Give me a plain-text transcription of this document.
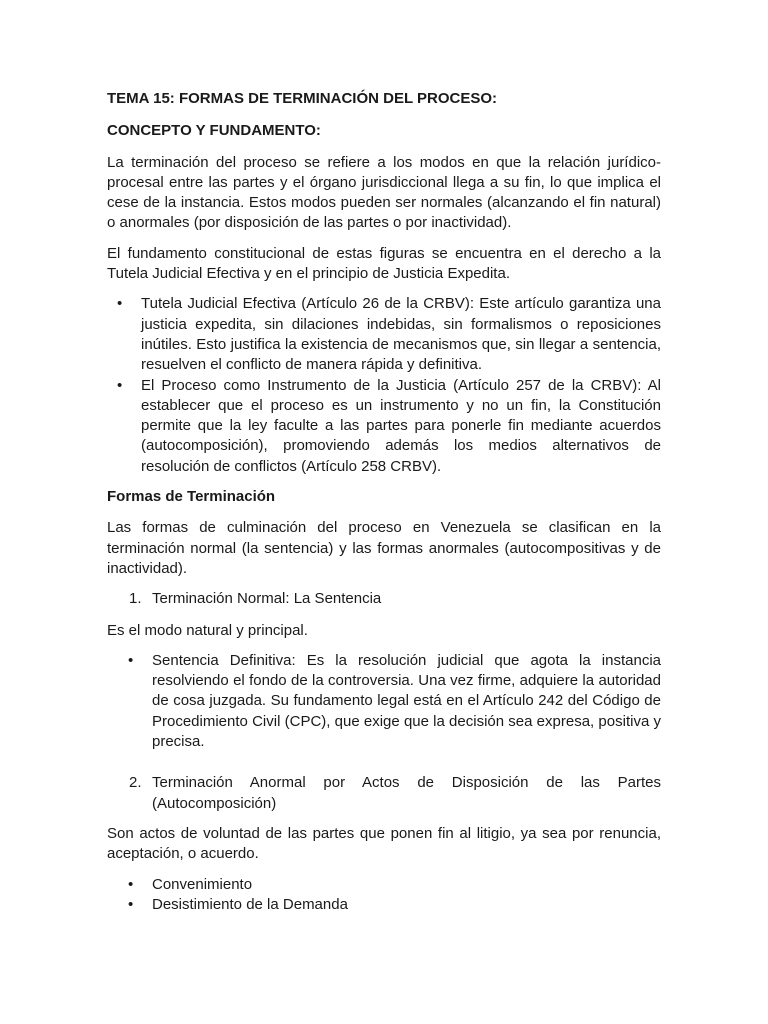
TEMA 15: FORMAS DE TERMINACIÓN DEL PROCESO:
CONCEPTO Y FUNDAMENTO:

La terminación del proceso se refiere a los modos en que la relación jurídico-procesal entre las partes y el órgano jurisdiccional llega a su fin, lo que implica el cese de la instancia. Estos modos pueden ser normales (alcanzando el fin natural) o anormales (por disposición de las partes o por inactividad).

El fundamento constitucional de estas figuras se encuentra en el derecho a la Tutela Judicial Efectiva y en el principio de Justicia Expedita.

• Tutela Judicial Efectiva (Artículo 26 de la CRBV): Este artículo garantiza una justicia expedita, sin dilaciones indebidas, sin formalismos o reposiciones inútiles. Esto justifica la existencia de mecanismos que, sin llegar a sentencia, resuelven el conflicto de manera rápida y definitiva.
• El Proceso como Instrumento de la Justicia (Artículo 257 de la CRBV): Al establecer que el proceso es un instrumento y no un fin, la Constitución permite que la ley faculte a las partes para ponerle fin mediante acuerdos (autocomposición), promoviendo además los medios alternativos de resolución de conflictos (Artículo 258 CRBV).
Formas de Terminación

Las formas de culminación del proceso en Venezuela se clasifican en la terminación normal (la sentencia) y las formas anormales (autocompositivas y de inactividad).

1. Terminación Normal: La Sentencia

Es el modo natural y principal.

• Sentencia Definitiva: Es la resolución judicial que agota la instancia resolviendo el fondo de la controversia. Una vez firme, adquiere la autoridad de cosa juzgada. Su fundamento legal está en el Artículo 242 del Código de Procedimiento Civil (CPC), que exige que la decisión sea expresa, positiva y precisa.
2. Terminación Anormal por Actos de Disposición de las Partes
(Autocomposición)

Son actos de voluntad de las partes que ponen fin al litigio, ya sea por renuncia, aceptación, o acuerdo.

• Convenimiento
• Desistimiento de la Demanda
